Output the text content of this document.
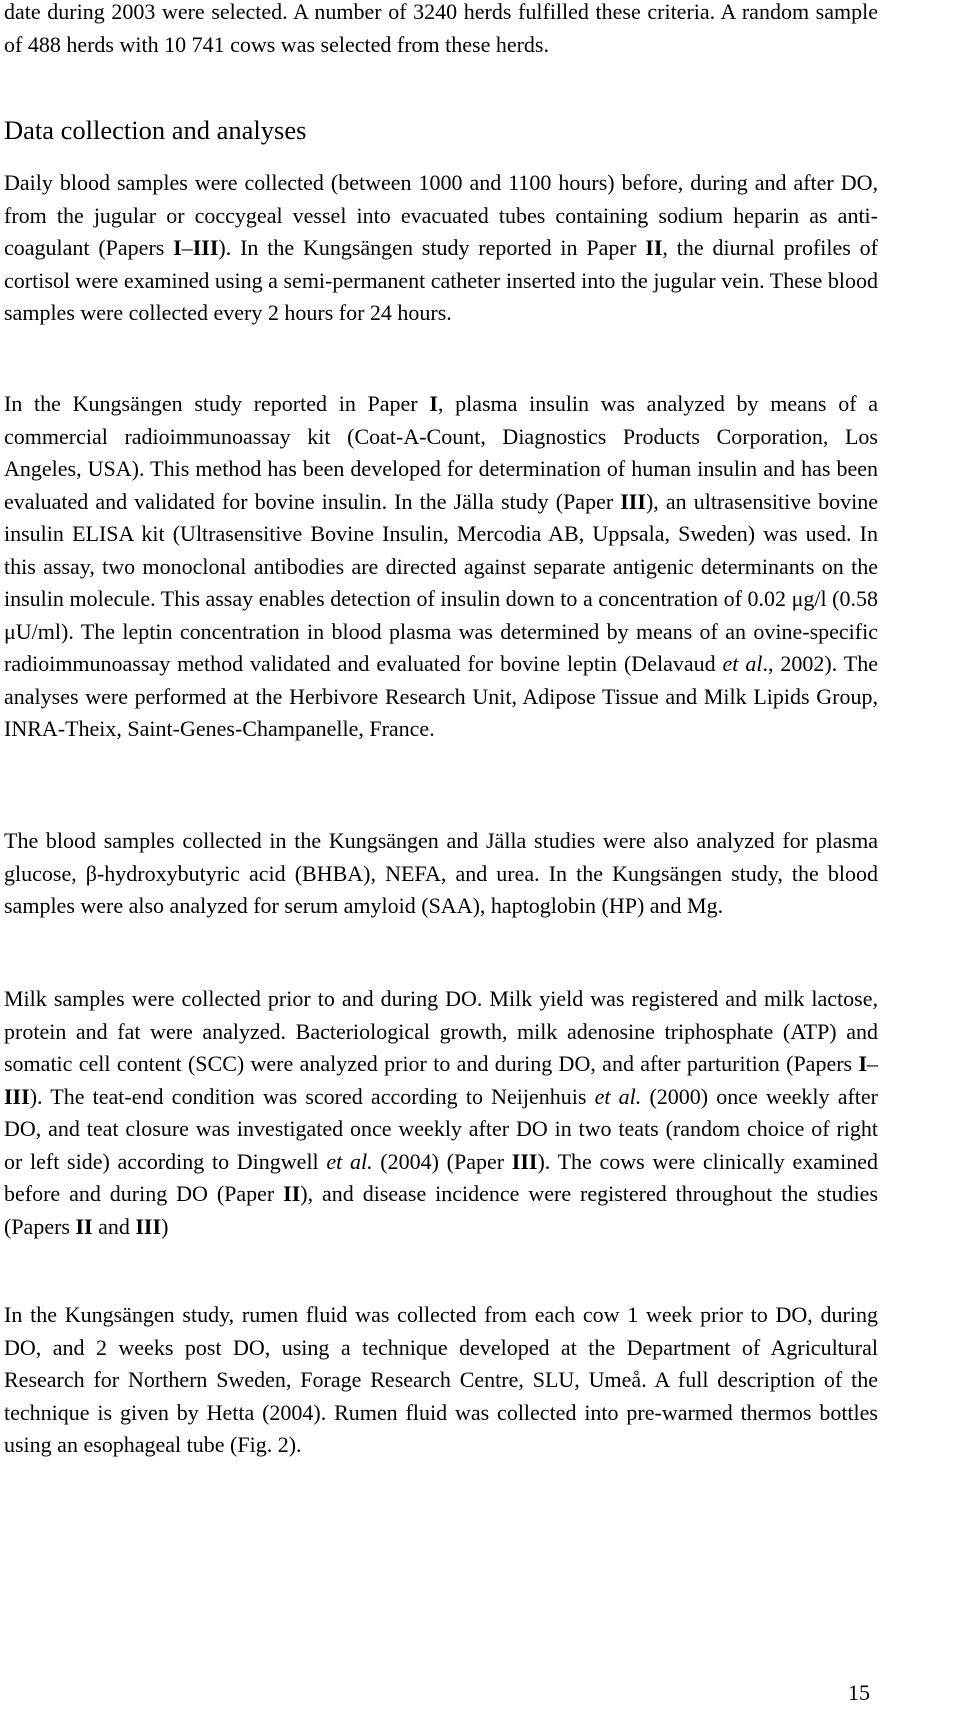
date during 2003 were selected. A number of 3240 herds fulfilled these criteria. A random sample of 488 herds with 10 741 cows was selected from these herds.

Data collection and analyses

Daily blood samples were collected (between 1000 and 1100 hours) before, during and after DO, from the jugular or coccygeal vessel into evacuated tubes containing sodium heparin as anti-coagulant (Papers I–III). In the Kungsängen study reported in Paper II, the diurnal profiles of cortisol were examined using a semi-permanent catheter inserted into the jugular vein. These blood samples were collected every 2 hours for 24 hours.

In the Kungsängen study reported in Paper I, plasma insulin was analyzed by means of a commercial radioimmunoassay kit (Coat-A-Count, Diagnostics Products Corporation, Los Angeles, USA). This method has been developed for determination of human insulin and has been evaluated and validated for bovine insulin. In the Jälla study (Paper III), an ultrasensitive bovine insulin ELISA kit (Ultrasensitive Bovine Insulin, Mercodia AB, Uppsala, Sweden) was used. In this assay, two monoclonal antibodies are directed against separate antigenic determinants on the insulin molecule. This assay enables detection of insulin down to a concentration of 0.02 μg/l (0.58 μU/ml). The leptin concentration in blood plasma was determined by means of an ovine-specific radioimmunoassay method validated and evaluated for bovine leptin (Delavaud et al., 2002). The analyses were performed at the Herbivore Research Unit, Adipose Tissue and Milk Lipids Group, INRA-Theix, Saint-Genes-Champanelle, France.

The blood samples collected in the Kungsängen and Jälla studies were also analyzed for plasma glucose, β-hydroxybutyric acid (BHBA), NEFA, and urea. In the Kungsängen study, the blood samples were also analyzed for serum amyloid (SAA), haptoglobin (HP) and Mg.

Milk samples were collected prior to and during DO. Milk yield was registered and milk lactose, protein and fat were analyzed. Bacteriological growth, milk adenosine triphosphate (ATP) and somatic cell content (SCC) were analyzed prior to and during DO, and after parturition (Papers I–III). The teat-end condition was scored according to Neijenhuis et al. (2000) once weekly after DO, and teat closure was investigated once weekly after DO in two teats (random choice of right or left side) according to Dingwell et al. (2004) (Paper III). The cows were clinically examined before and during DO (Paper II), and disease incidence were registered throughout the studies (Papers II and III)

In the Kungsängen study, rumen fluid was collected from each cow 1 week prior to DO, during DO, and 2 weeks post DO, using a technique developed at the Department of Agricultural Research for Northern Sweden, Forage Research Centre, SLU, Umeå. A full description of the technique is given by Hetta (2004). Rumen fluid was collected into pre-warmed thermos bottles using an esophageal tube (Fig. 2).

15
